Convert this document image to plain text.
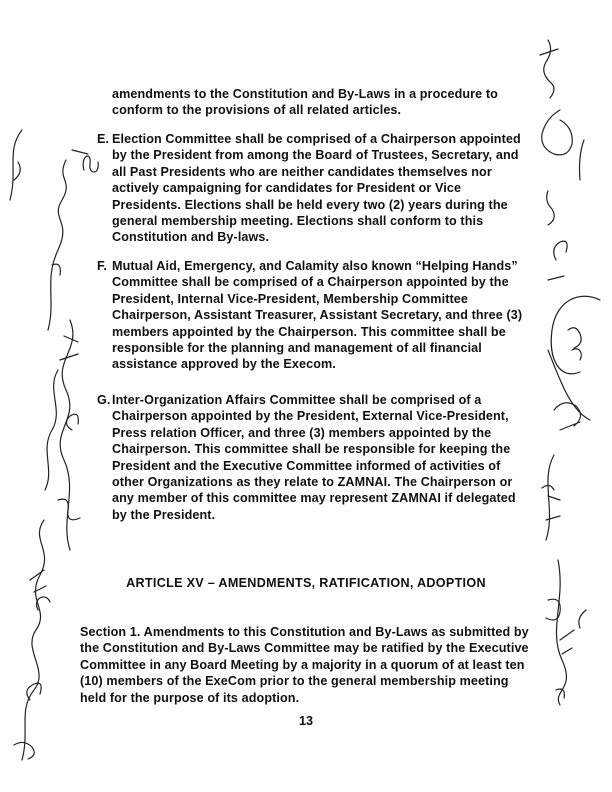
amendments to the Constitution and By-Laws in a procedure to conform to the provisions of all related articles.
E. Election Committee shall be comprised of a Chairperson appointed by the President from among the Board of Trustees, Secretary, and all Past Presidents who are neither candidates themselves nor actively campaigning for candidates for President or Vice Presidents. Elections shall be held every two (2) years during the general membership meeting. Elections shall conform to this Constitution and By-laws.
F. Mutual Aid, Emergency, and Calamity also known “Helping Hands” Committee shall be comprised of a Chairperson appointed by the President, Internal Vice-President, Membership Committee Chairperson, Assistant Treasurer, Assistant Secretary, and three (3) members appointed by the Chairperson. This committee shall be responsible for the planning and management of all financial assistance approved by the Execom.
G. Inter-Organization Affairs Committee shall be comprised of a Chairperson appointed by the President, External Vice-President, Press relation Officer, and three (3) members appointed by the Chairperson. This committee shall be responsible for keeping the President and the Executive Committee informed of activities of other Organizations as they relate to ZAMNAI. The Chairperson or any member of this committee may represent ZAMNAI if delegated by the President.
ARTICLE XV – AMENDMENTS, RATIFICATION, ADOPTION
Section 1. Amendments to this Constitution and By-Laws as submitted by the Constitution and By-Laws Committee may be ratified by the Executive Committee in any Board Meeting by a majority in a quorum of at least ten (10) members of the ExeCom prior to the general membership meeting held for the purpose of its adoption.
13
